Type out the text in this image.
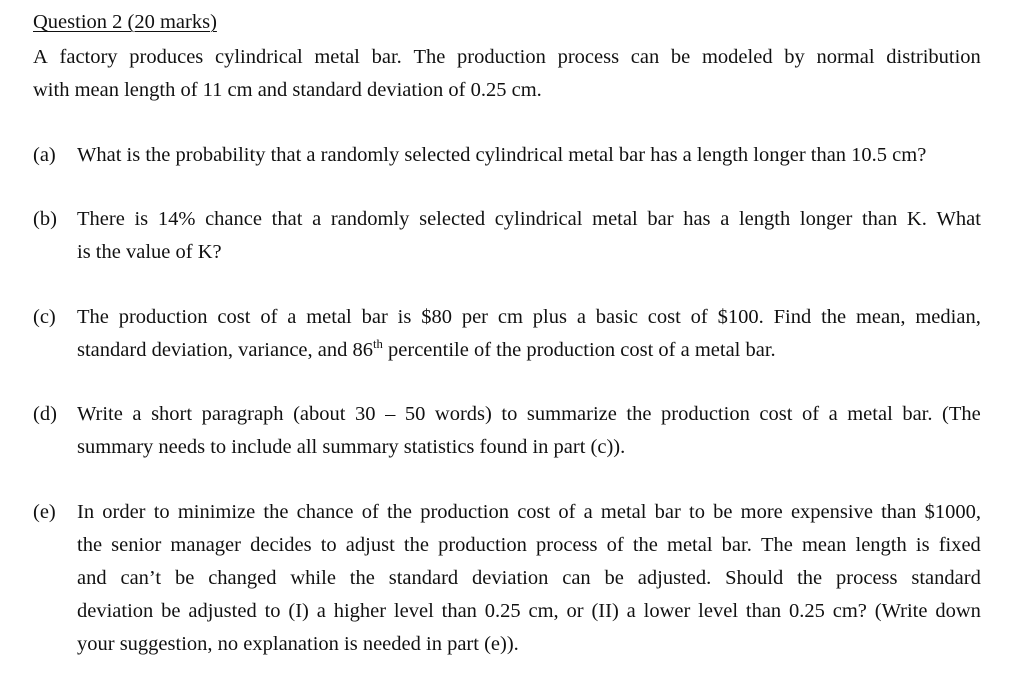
Question 2 (20 marks)
A factory produces cylindrical metal bar. The production process can be modeled by normal distribution
with mean length of 11 cm and standard deviation of 0.25 cm.
(a) What is the probability that a randomly selected cylindrical metal bar has a length longer than 10.5 cm?
(b) There is 14% chance that a randomly selected cylindrical metal bar has a length longer than K. What
is the value of K?
(c) The production cost of a metal bar is $80 per cm plus a basic cost of $100. Find the mean, median,
standard deviation, variance, and 86th percentile of the production cost of a metal bar.
(d) Write a short paragraph (about 30 – 50 words) to summarize the production cost of a metal bar. (The
summary needs to include all summary statistics found in part (c)).
(e) In order to minimize the chance of the production cost of a metal bar to be more expensive than $1000,
the senior manager decides to adjust the production process of the metal bar. The mean length is fixed
and can’t be changed while the standard deviation can be adjusted. Should the process standard
deviation be adjusted to (I) a higher level than 0.25 cm, or (II) a lower level than 0.25 cm? (Write down
your suggestion, no explanation is needed in part (e)).
